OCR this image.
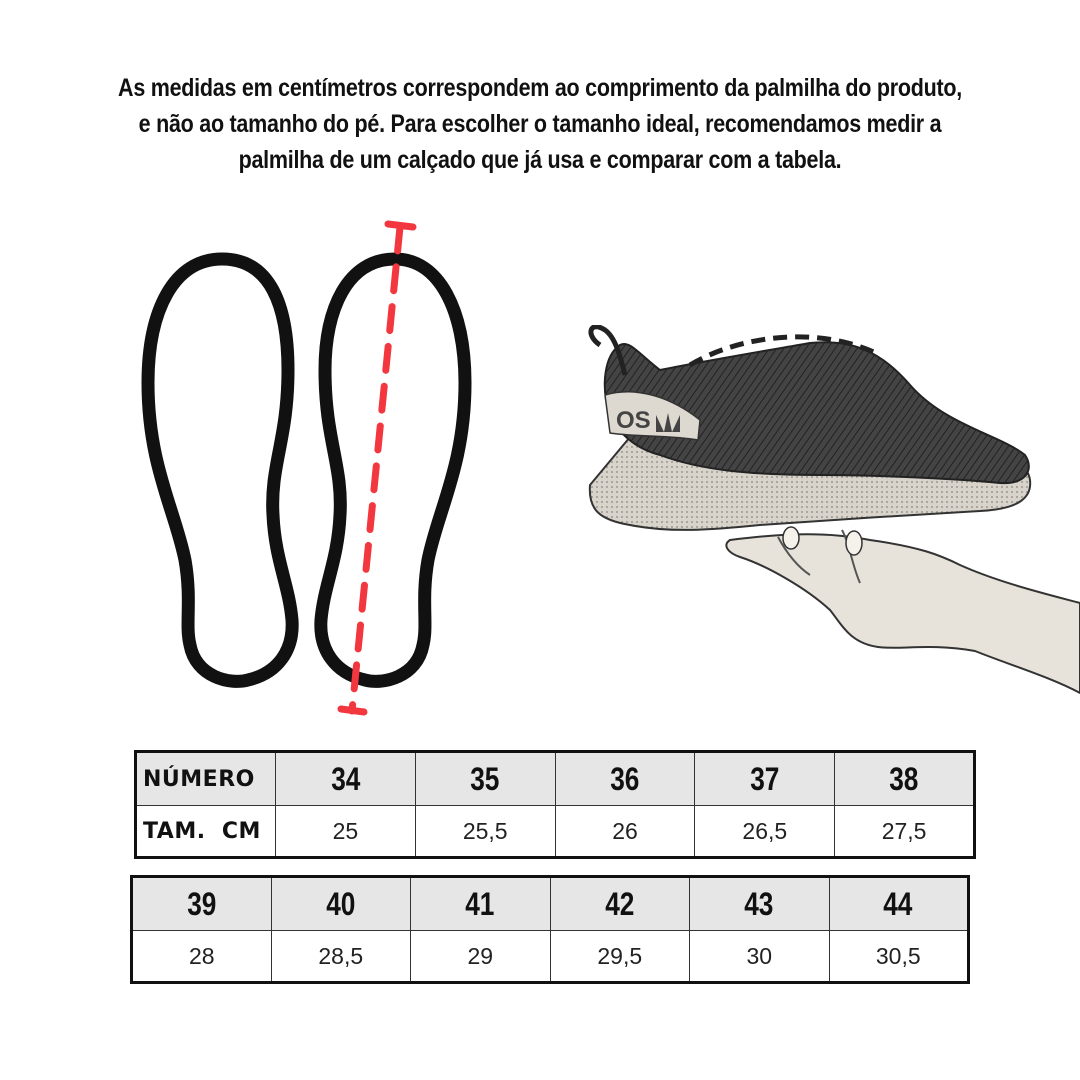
As medidas em centímetros correspondem ao comprimento da palmilha do produto, e não ao tamanho do pé. Para escolher o tamanho ideal, recomendamos medir a palmilha de um calçado que já usa e comparar com a tabela.
OS
NÚMERO	34	35	36	37	38
TAM.  CM	25	25,5	26	26,5	27,5
39	40	41	42	43	44
28	28,5	29	29,5	30	30,5
